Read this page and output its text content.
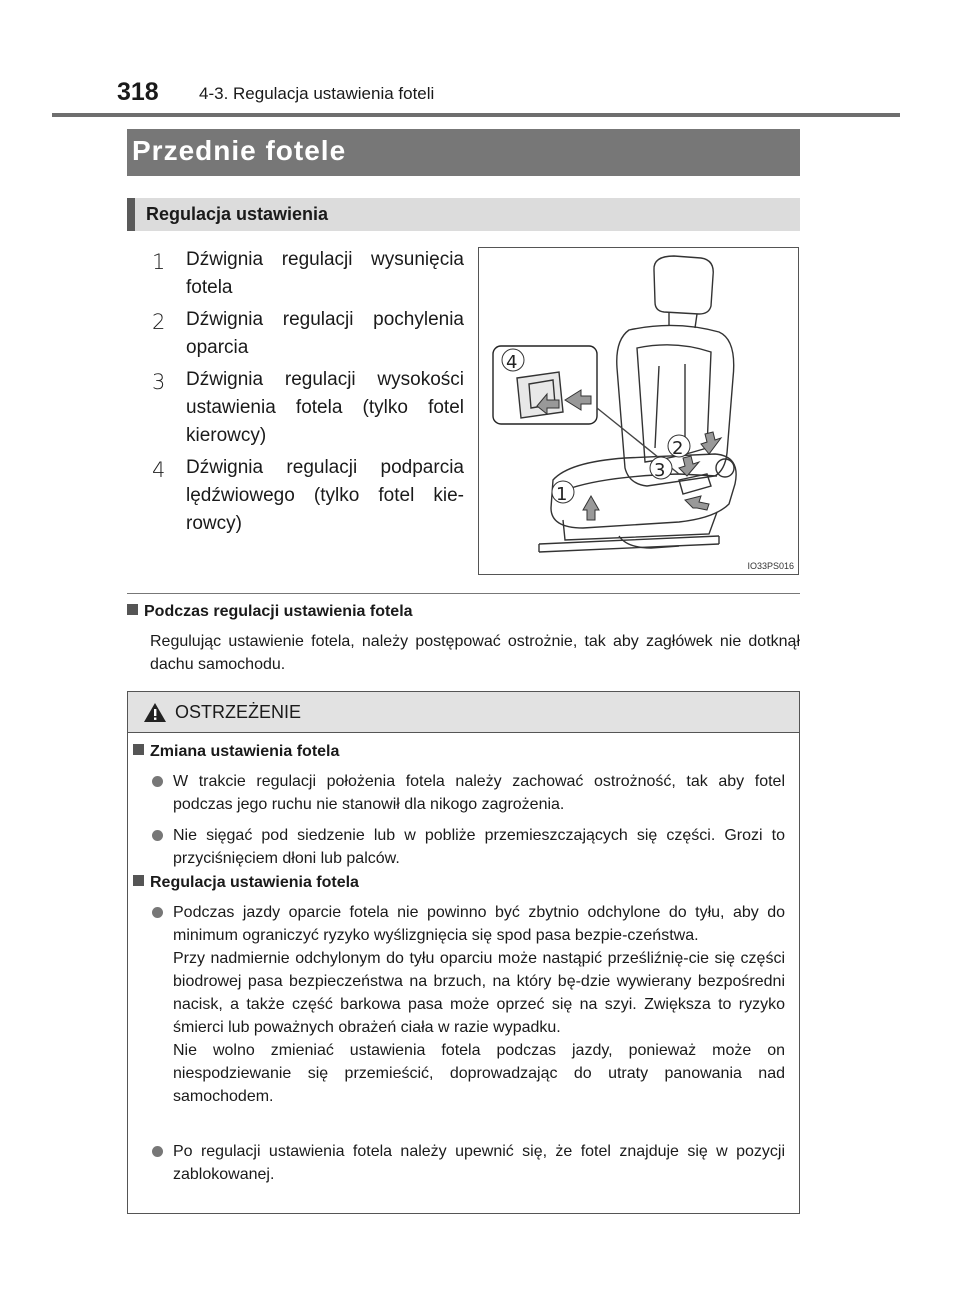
318 4-3. Regulacja ustawienia foteli
Przednie fotele
Regulacja ustawienia
1 Dźwignia regulacji wysunięcia fotela
2 Dźwignia regulacji pochylenia oparcia
3 Dźwignia regulacji wysokości ustawienia fotela (tylko fotel kierowcy)
4 Dźwignia regulacji podparcia lędźwiowego (tylko fotel kie-rowcy)
4
2
3
1
IO33PS016
Podczas regulacji ustawienia fotela
Regulując ustawienie fotela, należy postępować ostrożnie, tak aby zagłówek nie dotknął dachu samochodu.
OSTRZEŻENIE
Zmiana ustawienia fotela

W trakcie regulacji położenia fotela należy zachować ostrożność, tak aby fotel podczas jego ruchu nie stanowił dla nikogo zagrożenia.

Nie sięgać pod siedzenie lub w pobliże przemieszczających się części. Grozi to przyciśnięciem dłoni lub palców.

Regulacja ustawienia fotela

Podczas jazdy oparcie fotela nie powinno być zbytnio odchylone do tyłu, aby do minimum ograniczyć ryzyko wyślizgnięcia się spod pasa bezpie-czeństwa.

Przy nadmiernie odchylonym do tyłu oparciu może nastąpić prześliźnię-cie się części biodrowej pasa bezpieczeństwa na brzuch, na który bę-dzie wywierany bezpośredni nacisk, a także część barkowa pasa może oprzeć się na szyi. Zwiększa to ryzyko śmierci lub poważnych obrażeń ciała w razie wypadku.

Nie wolno zmieniać ustawienia fotela podczas jazdy, ponieważ może on niespodziewanie się przemieścić, doprowadzając do utraty panowania nad samochodem.

Po regulacji ustawienia fotela należy upewnić się, że fotel znajduje się w pozycji zablokowanej.
